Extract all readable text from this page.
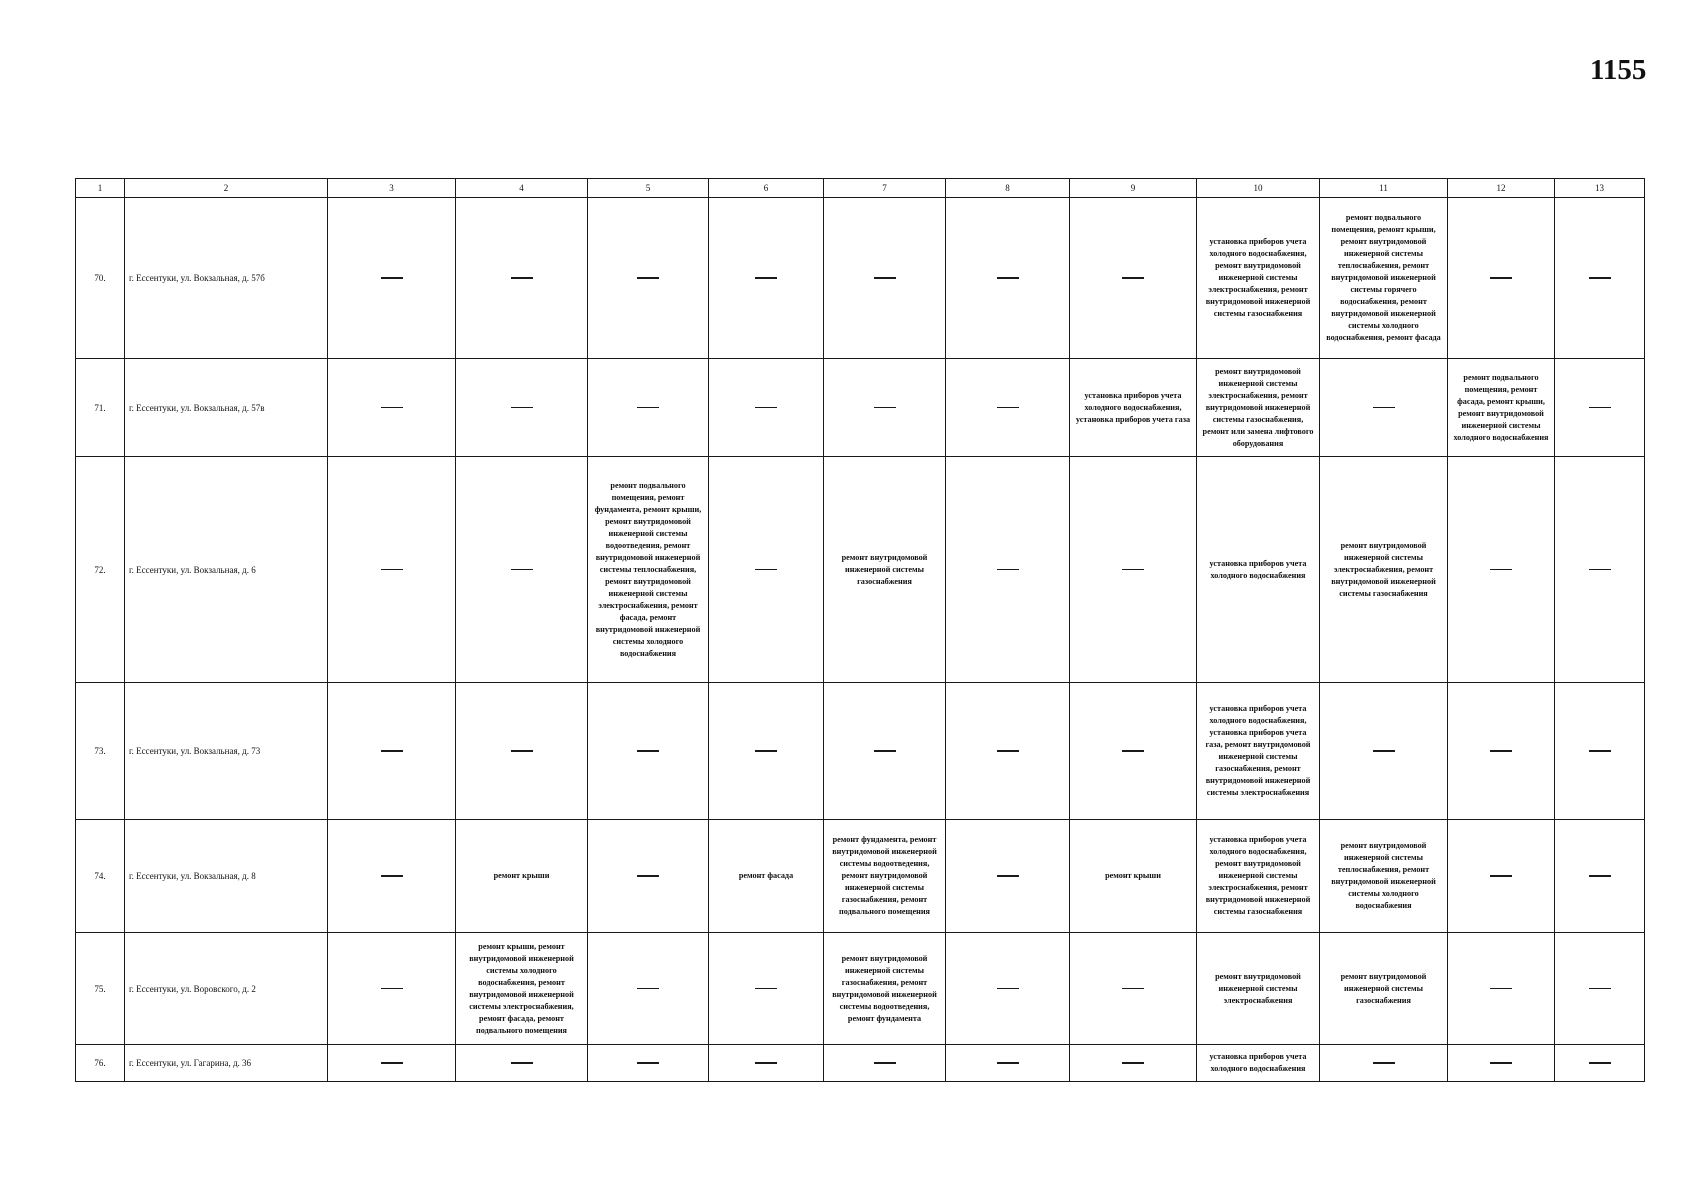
1155
1	2	3	4	5	6	7	8	9	10	11	12	13
70.	г. Ессентуки, ул. Вокзальная, д. 57б								установка приборов учета холодного водоснабжения, ремонт внутридомовой инженерной системы электроснабжения, ремонт внутридомовой инженерной системы газоснабжения	ремонт подвального помещения, ремонт крыши, ремонт внутридомовой инженерной системы теплоснабжения, ремонт внутридомовой инженерной системы горячего водоснабжения, ремонт внутридомовой инженерной системы холодного водоснабжения, ремонт фасада		
71.	г. Ессентуки, ул. Вокзальная, д. 57в							установка приборов учета холодного водоснабжения, установка приборов учета газа	ремонт внутридомовой инженерной системы электроснабжения, ремонт внутридомовой инженерной системы газоснабжения, ремонт или замена лифтового оборудования		ремонт подвального помещения, ремонт фасада, ремонт крыши, ремонт внутридомовой инженерной системы холодного водоснабжения	
72.	г. Ессентуки, ул. Вокзальная, д. 6			ремонт подвального помещения, ремонт фундамента, ремонт крыши, ремонт внутридомовой инженерной системы водоотведения, ремонт внутридомовой инженерной системы теплоснабжения, ремонт внутридомовой инженерной системы электроснабжения, ремонт фасада, ремонт внутридомовой инженерной системы холодного водоснабжения		ремонт внутридомовой инженерной системы газоснабжения			установка приборов учета холодного водоснабжения	ремонт внутридомовой инженерной системы электроснабжения, ремонт внутридомовой инженерной системы газоснабжения		
73.	г. Ессентуки, ул. Вокзальная, д. 73								установка приборов учета холодного водоснабжения, установка приборов учета газа, ремонт внутридомовой инженерной системы газоснабжения, ремонт внутридомовой инженерной системы электроснабжения			
74.	г. Ессентуки, ул. Вокзальная, д. 8		ремонт крыши		ремонт фасада	ремонт фундамента, ремонт внутридомовой инженерной системы водоотведения, ремонт внутридомовой инженерной системы газоснабжения, ремонт подвального помещения		ремонт крыши	установка приборов учета холодного водоснабжения, ремонт внутридомовой инженерной системы электроснабжения, ремонт внутридомовой инженерной системы газоснабжения	ремонт внутридомовой инженерной системы теплоснабжения, ремонт внутридомовой инженерной системы холодного водоснабжения		
75.	г. Ессентуки, ул. Воровского, д. 2		ремонт крыши, ремонт внутридомовой инженерной системы холодного водоснабжения, ремонт внутридомовой инженерной системы электроснабжения, ремонт фасада, ремонт подвального помещения			ремонт внутридомовой инженерной системы газоснабжения, ремонт внутридомовой инженерной системы водоотведения, ремонт фундамента			ремонт внутридомовой инженерной системы электроснабжения	ремонт внутридомовой инженерной системы газоснабжения		
76.	г. Ессентуки, ул. Гагарина, д. 36								установка приборов учета холодного водоснабжения			
